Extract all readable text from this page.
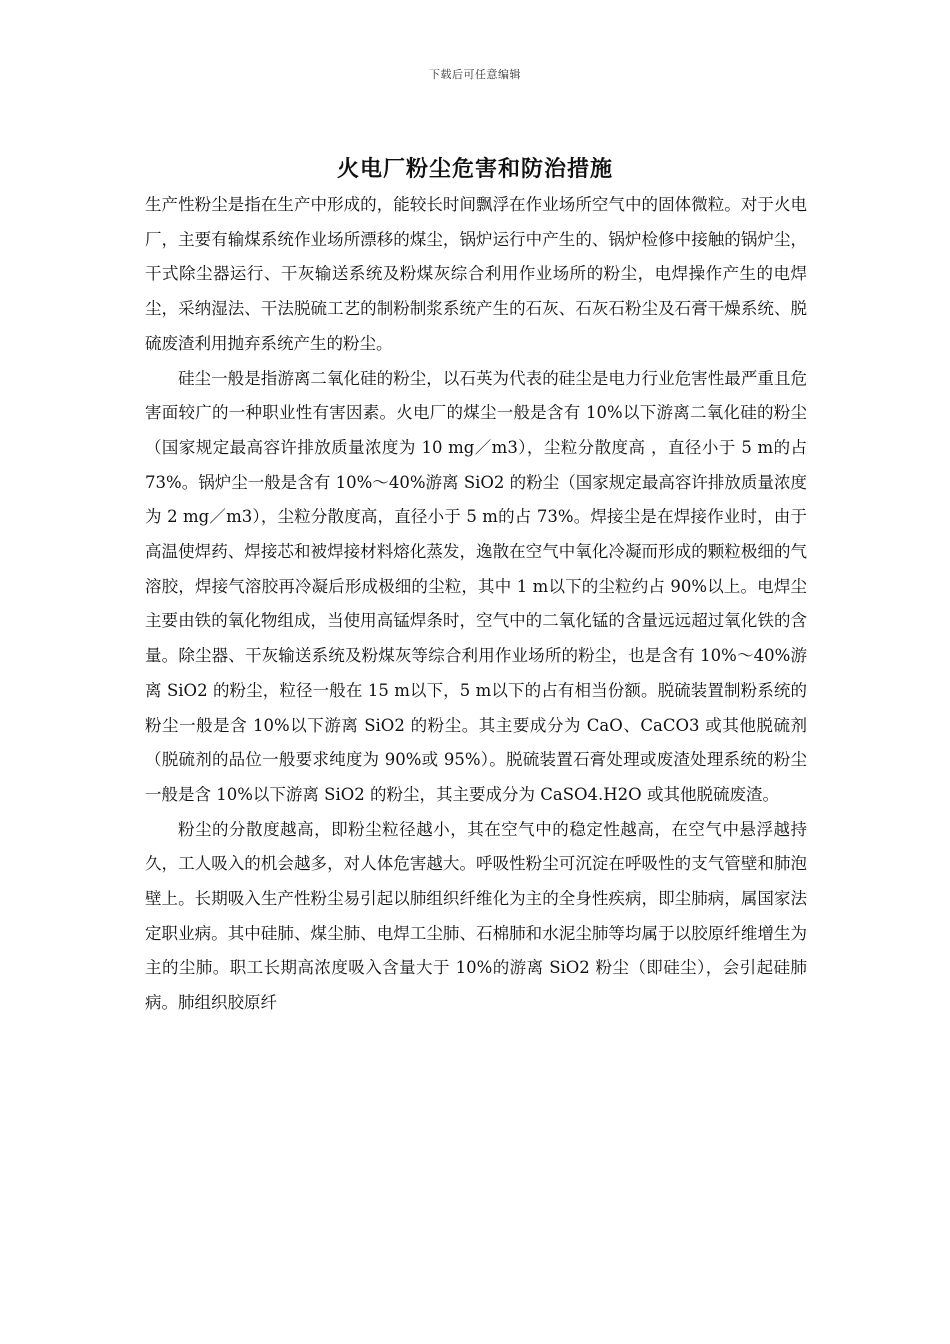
下载后可任意编辑
火电厂粉尘危害和防治措施

生产性粉尘是指在生产中形成的，能较长时间飘浮在作业场所空气中的固体微粒。对于火电厂，主要有输煤系统作业场所漂移的煤尘，锅炉运行中产生的、锅炉检修中接触的锅炉尘，干式除尘器运行、干灰输送系统及粉煤灰综合利用作业场所的粉尘，电焊操作产生的电焊尘，采纳湿法、干法脱硫工艺的制粉制浆系统产生的石灰、石灰石粉尘及石膏干燥系统、脱硫废渣利用抛弃系统产生的粉尘。

硅尘一般是指游离二氧化硅的粉尘，以石英为代表的硅尘是电力行业危害性最严重且危害面较广的一种职业性有害因素。火电厂的煤尘一般是含有 10%以下游离二氧化硅的粉尘（国家规定最高容许排放质量浓度为 10 mg／m3），尘粒分散度高 ，直径小于 5 m的占 73%。锅炉尘一般是含有 10%～40%游离 SiO2 的粉尘（国家规定最高容许排放质量浓度为 2 mg／m3），尘粒分散度高，直径小于 5 m的占 73%。焊接尘是在焊接作业时，由于高温使焊药、焊接芯和被焊接材料熔化蒸发，逸散在空气中氧化冷凝而形成的颗粒极细的气溶胶，焊接气溶胶再冷凝后形成极细的尘粒，其中 1 m以下的尘粒约占 90%以上。电焊尘主要由铁的氧化物组成，当使用高锰焊条时，空气中的二氧化锰的含量远远超过氧化铁的含量。除尘器、干灰输送系统及粉煤灰等综合利用作业场所的粉尘，也是含有 10%～40%游离 SiO2 的粉尘，粒径一般在 15 m以下，5 m以下的占有相当份额。脱硫装置制粉系统的粉尘一般是含 10%以下游离 SiO2 的粉尘。其主要成分为 CaO、CaCO3 或其他脱硫剂（脱硫剂的品位一般要求纯度为 90%或 95%）。脱硫装置石膏处理或废渣处理系统的粉尘一般是含 10%以下游离 SiO2 的粉尘，其主要成分为 CaSO4.H2O 或其他脱硫废渣。

粉尘的分散度越高，即粉尘粒径越小，其在空气中的稳定性越高，在空气中悬浮越持久，工人吸入的机会越多，对人体危害越大。呼吸性粉尘可沉淀在呼吸性的支气管壁和肺泡壁上。长期吸入生产性粉尘易引起以肺组织纤维化为主的全身性疾病，即尘肺病，属国家法定职业病。其中硅肺、煤尘肺、电焊工尘肺、石棉肺和水泥尘肺等均属于以胶原纤维增生为主的尘肺。职工长期高浓度吸入含量大于 10%的游离 SiO2 粉尘（即硅尘），会引起硅肺病。肺组织胶原纤
